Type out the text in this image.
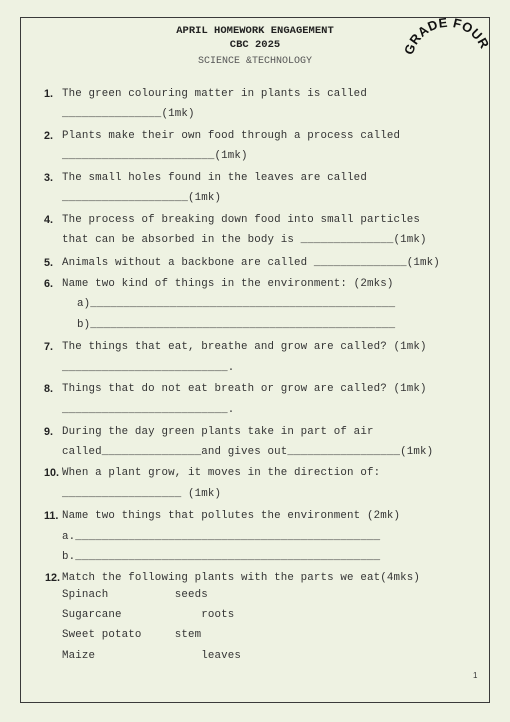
APRIL HOMEWORK ENGAGEMENT
CBC 2025
SCIENCE &TECHNOLOGY
GRADE FOUR
1. The green colouring matter in plants is called
_______________(1mk)
2. Plants make their own food through a process called
_______________________(1mk)
3. The small holes found in the leaves are called
___________________(1mk)
4. The process of breaking down food into small particles
that can be absorbed in the body is ______________(1mk)
5. Animals without a backbone are called ______________(1mk)
6. Name two kind of things in the environment: (2mks)
a)______________________________________________
b)______________________________________________
7. The things that eat, breathe and grow are called? (1mk)
_________________________.
8. Things that do not eat breath or grow are called? (1mk)
_________________________.
9. During the day green plants take in part of air
called_______________and gives out_________________(1mk)
10. When a plant grow, it moves in the direction of:
__________________ (1mk)
11. Name two things that pollutes the environment (2mk)
a.______________________________________________
b.______________________________________________
12. Match the following plants with the parts we eat(4mks)
Spinach          seeds
Sugarcane            roots
Sweet potato     stem
Maize                leaves
1
